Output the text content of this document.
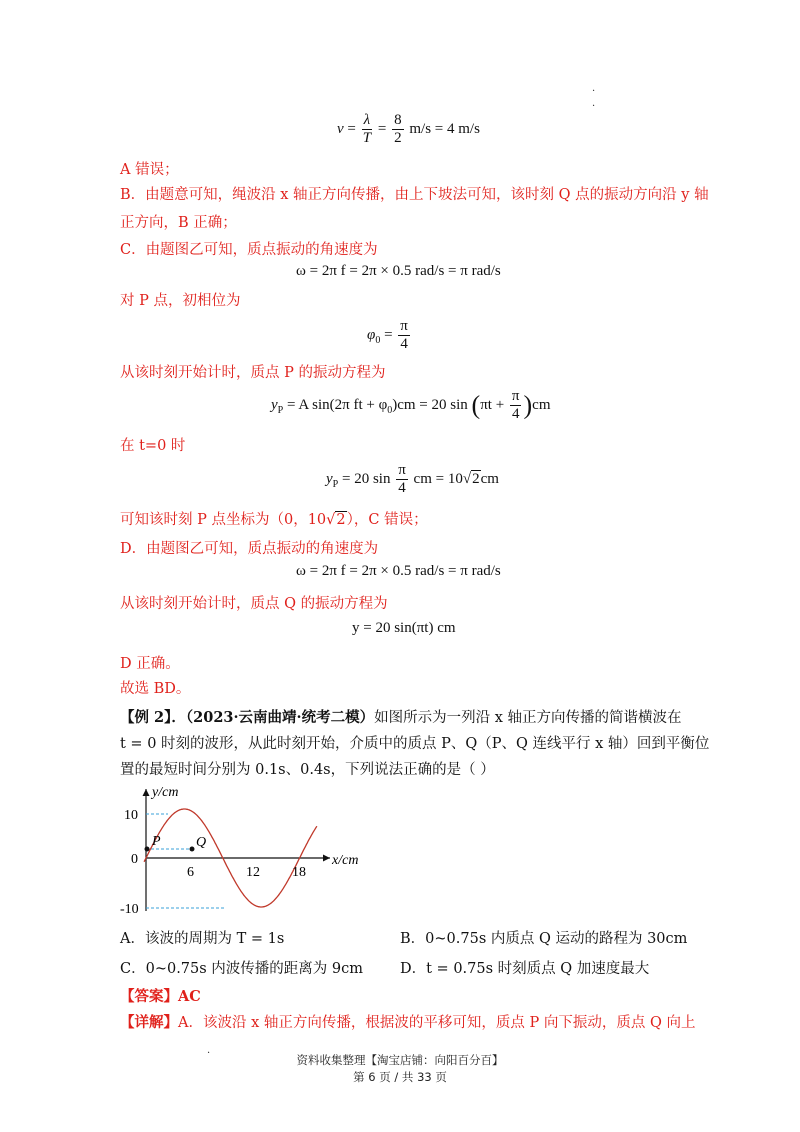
·
·
$v = \frac{\lambda}{T} = \frac{8}{2} m/s = 4$ m/s
A 错误；
B．由题意可知，绳波沿 x 轴正方向传播，由上下坡法可知，该时刻 Q 点的振动方向沿 y 轴
正方向，B 正确；
C．由题图乙可知，质点振动的角速度为
ω = 2π f = 2π × 0.5 rad/s = π rad/s
对 P 点，初相位为
$\varphi_0 = \frac{\pi}{4}$
从该时刻开始计时，质点 P 的振动方程为
$y_P = A$ sin(2π ft + $\varphi_0)cm = 20$ $\sin (\pi t + \frac{\pi}{4} )cm$
在 t=0 时
$y_P = 20$ $\sin \frac{\pi}{4}$ cm = 10√2cm
可知该时刻 P 点坐标为（0，10√2），C 错误；
D．由题图乙可知，质点振动的角速度为
ω = 2π f = 2π × 0.5 rad/s = π rad/s
从该时刻开始计时，质点 Q 的振动方程为
y = 20 sin(πt) cm
D 正确。
故选 BD。
【例 2】．（2023·云南曲靖·统考二模）如图所示为一列沿 x 轴正方向传播的简谐横波在
t = 0 时刻的波形，从此时刻开始，介质中的质点 P、Q（P、Q 连线平行 x 轴）回到平衡位
置的最短时间分别为 0.1s、0.4s，下列说法正确的是（ ）
y/cm
x/cm
10
0
-10
6	12 18
P	Q
A．该波的周期为 T = 1s	B．0~0.75s 内质点 Q 运动的路程为 30cm
C．0~0.75s 内波传播的距离为 9cm	D．t = 0.75s 时刻质点 Q 加速度最大
【答案】AC
【详解】A．该波沿 x 轴正方向传播，根据波的平移可知，质点 P 向下振动，质点 Q 向上
·	资料收集整理【淘宝店铺：向阳百分百】
第 6 页 / 共 33 页
